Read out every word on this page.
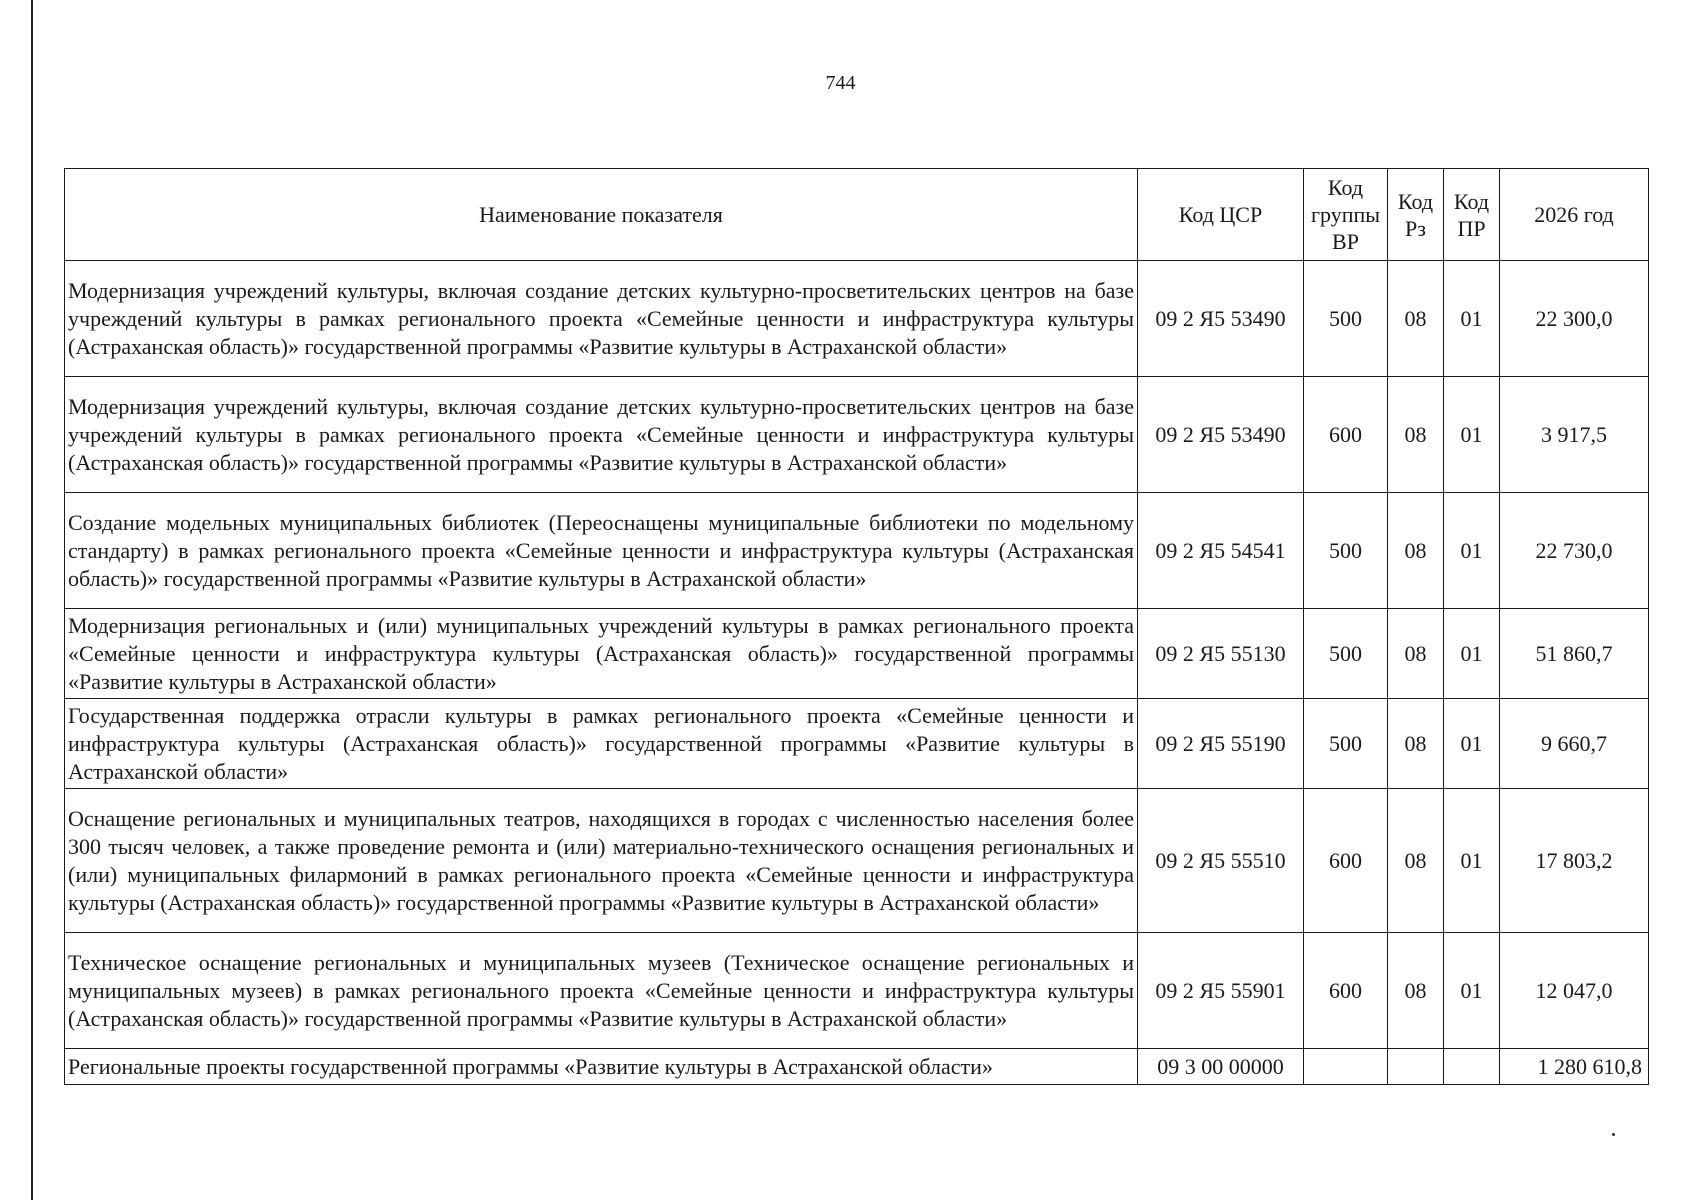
744
Наименование показателя	Код ЦСР	Код группы ВР	Код Рз	Код ПР	2026 год
Модернизация учреждений культуры, включая создание детских культурно-просветительских центров на базе учреждений культуры в рамках регионального проекта «Семейные ценности и инфраструктура культуры (Астраханская область)» государственной программы «Развитие культуры в Астраханской области»	09 2 Я5 53490	500	08	01	22 300,0
Модернизация учреждений культуры, включая создание детских культурно-просветительских центров на базе учреждений культуры в рамках регионального проекта «Семейные ценности и инфраструктура культуры (Астраханская область)» государственной программы «Развитие культуры в Астраханской области»	09 2 Я5 53490	600	08	01	3 917,5
Создание модельных муниципальных библиотек (Переоснащены муниципальные библиотеки по модельному стандарту) в рамках регионального проекта «Семейные ценности и инфраструктура культуры (Астраханская область)» государственной программы «Развитие культуры в Астраханской области»	09 2 Я5 54541	500	08	01	22 730,0
Модернизация региональных и (или) муниципальных учреждений культуры в рамках регионального проекта «Семейные ценности и инфраструктура культуры (Астраханская область)» государственной программы «Развитие культуры в Астраханской области»	09 2 Я5 55130	500	08	01	51 860,7
Государственная поддержка отрасли культуры в рамках регионального проекта «Семейные ценности и инфраструктура культуры (Астраханская область)» государственной программы «Развитие культуры в Астраханской области»	09 2 Я5 55190	500	08	01	9 660,7
Оснащение региональных и муниципальных театров, находящихся в городах с численностью населения более 300 тысяч человек, а также проведение ремонта и (или) материально-технического оснащения региональных и (или) муниципальных филармоний в рамках регионального проекта «Семейные ценности и инфраструктура культуры (Астраханская область)» государственной программы «Развитие культуры в Астраханской области»	09 2 Я5 55510	600	08	01	17 803,2
Техническое оснащение региональных и муниципальных музеев (Техническое оснащение региональных и муниципальных музеев) в рамках регионального проекта «Семейные ценности и инфраструктура культуры (Астраханская область)» государственной программы «Развитие культуры в Астраханской области»	09 2 Я5 55901	600	08	01	12 047,0
Региональные проекты государственной программы «Развитие культуры в Астраханской области»	09 3 00 00000				1 280 610,8
